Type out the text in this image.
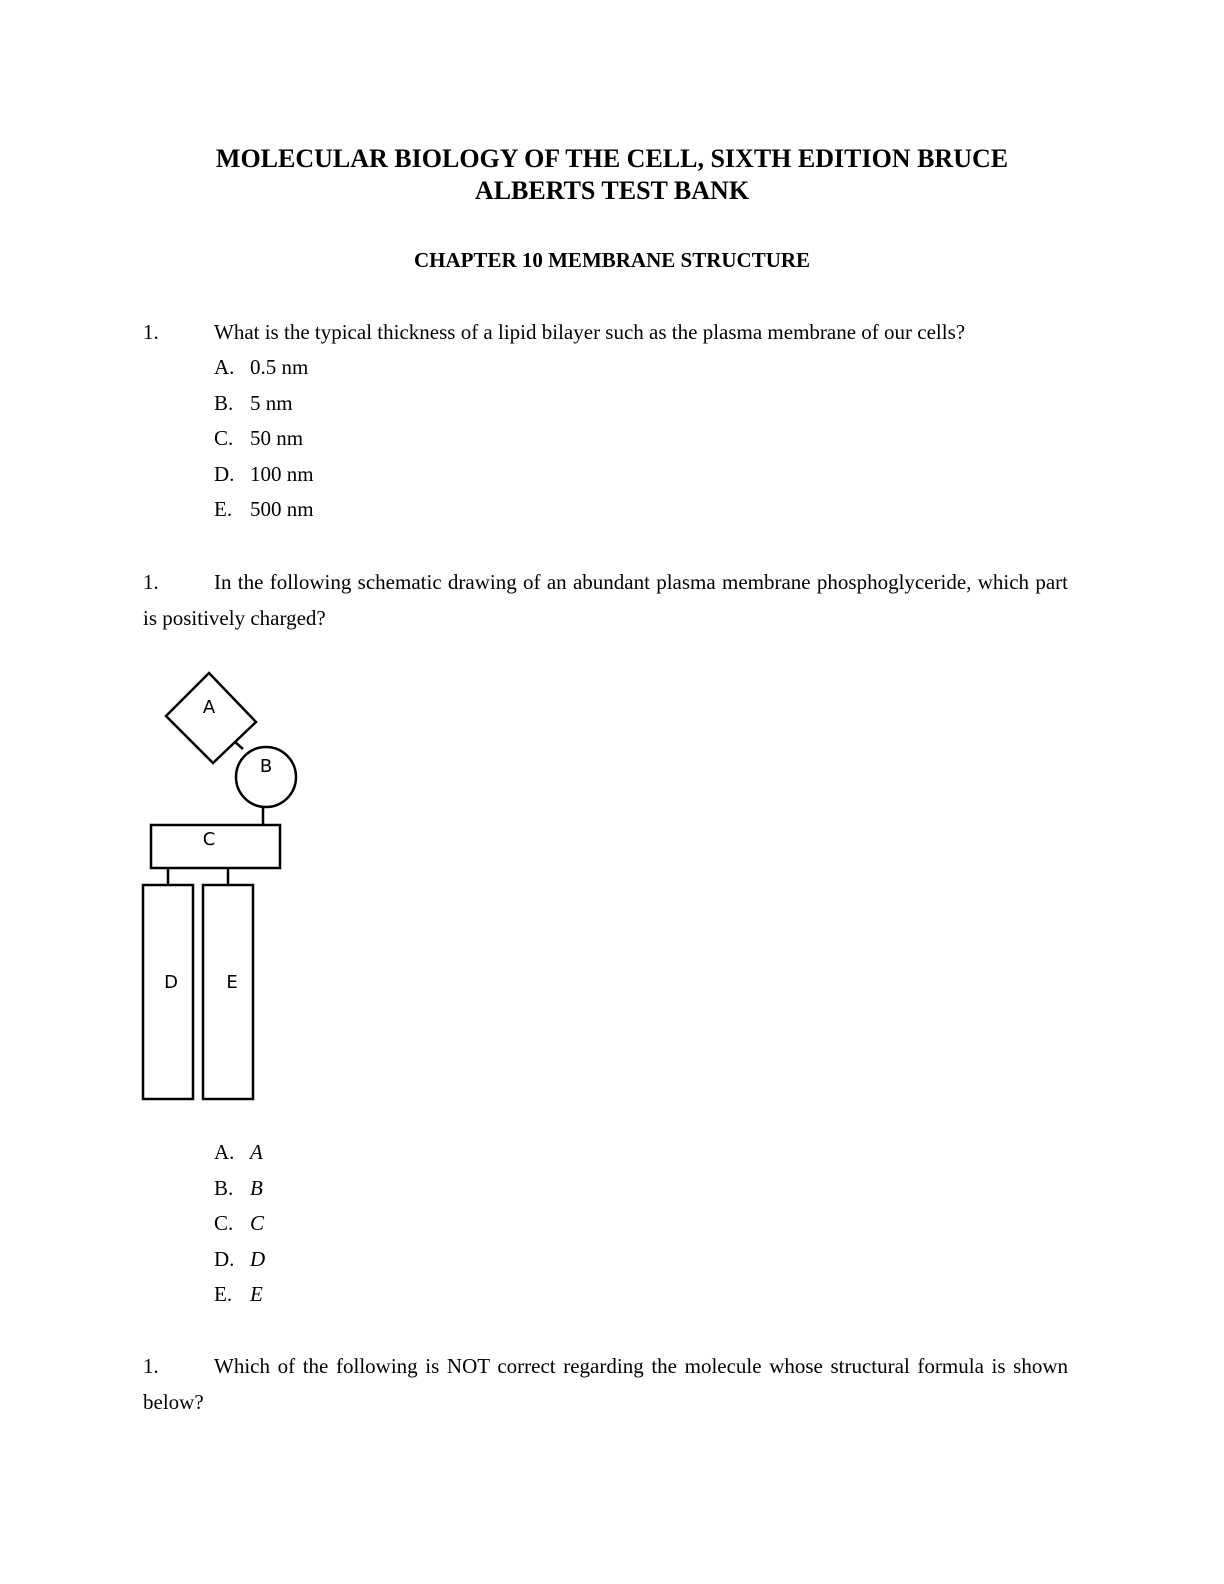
MOLECULAR BIOLOGY OF THE CELL, SIXTH EDITION BRUCE
ALBERTS TEST BANK
CHAPTER 10 MEMBRANE STRUCTURE
1.	What is the typical thickness of a lipid bilayer such as the plasma membrane of our cells?

A. 0.5 nm
B. 5 nm
C. 50 nm
D. 100 nm
E. 500 nm
1.	In the following schematic drawing of an abundant plasma membrane phosphoglyceride, which part is positively charged?

A
B
C
D	E
A. A
B. B
C. C
D. D
E. E
1.	Which of the following is NOT correct regarding the molecule whose structural formula is shown below?
